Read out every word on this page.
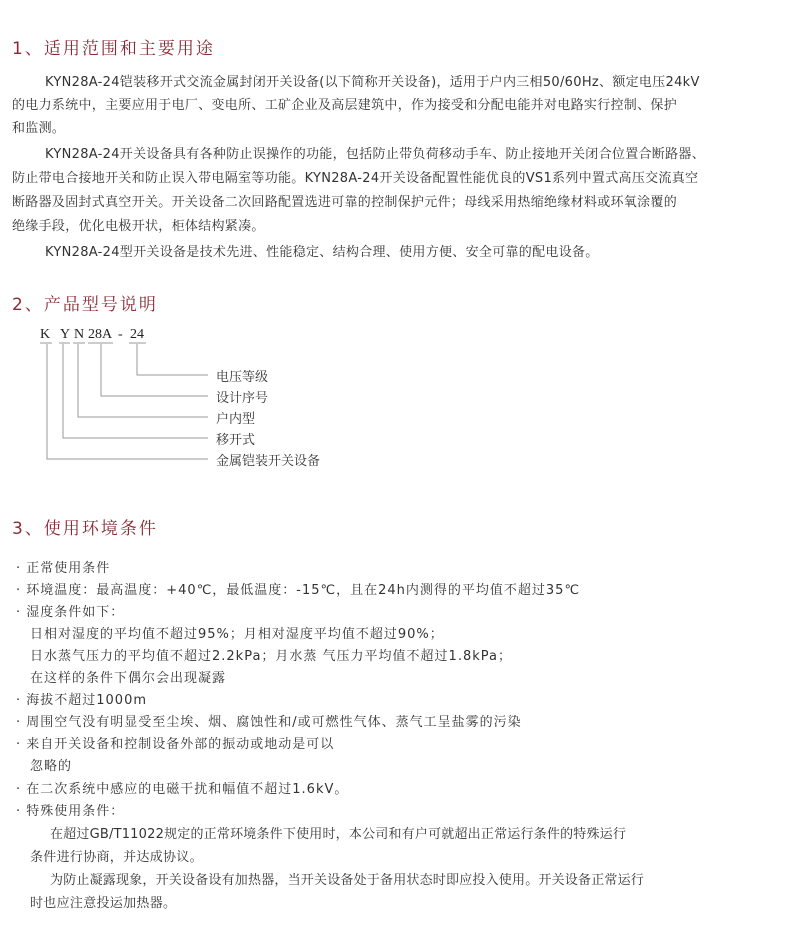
1、适用范围和主要用途
KYN28A-24铠装移开式交流金属封闭开关设备(以下简称开关设备)，适用于户内三相50/60Hz、额定电压24kV
的电力系统中，主要应用于电厂、变电所、工矿企业及高层建筑中，作为接受和分配电能并对电路实行控制、保护
和监测。
KYN28A-24开关设备具有各种防止误操作的功能，包括防止带负荷移动手车、防止接地开关闭合位置合断路器、
防止带电合接地开关和防止误入带电隔室等功能。KYN28A-24开关设备配置性能优良的VS1系列中置式高压交流真空
断路器及固封式真空开关。开关设备二次回路配置选进可靠的控制保护元件；母线采用热缩绝缘材料或环氧涂覆的
绝缘手段，优化电极开状，柜体结构紧凑。
KYN28A-24型开关设备是技术先进、性能稳定、结构合理、使用方便、安全可靠的配电设备。
2、产品型号说明
K Y N 28A - 24
电压等级
设计序号
户内型
移开式
金属铠装开关设备
3、使用环境条件
· 正常使用条件
· 环境温度：最高温度：+40℃，最低温度：-15℃，且在24h内测得的平均值不超过35℃
· 湿度条件如下：
日相对湿度的平均值不超过95%；月相对湿度平均值不超过90%；
日水蒸气压力的平均值不超过2.2kPa；月水蒸 气压力平均值不超过1.8kPa；
在这样的条件下偶尔会出现凝露
· 海拔不超过1000m
· 周围空气没有明显受至尘埃、烟、腐蚀性和/或可燃性气体、蒸气工呈盐雾的污染
· 来自开关设备和控制设备外部的振动或地动是可以
忽略的
· 在二次系统中感应的电磁干扰和幅值不超过1.6kV。
· 特殊使用条件：
在超过GB/T11022规定的正常环境条件下使用时，本公司和有户可就超出正常运行条件的特殊运行
条件进行协商，并达成协议。
为防止凝露现象，开关设备设有加热器，当开关设备处于备用状态时即应投入使用。开关设备正常运行
时也应注意投运加热器。
